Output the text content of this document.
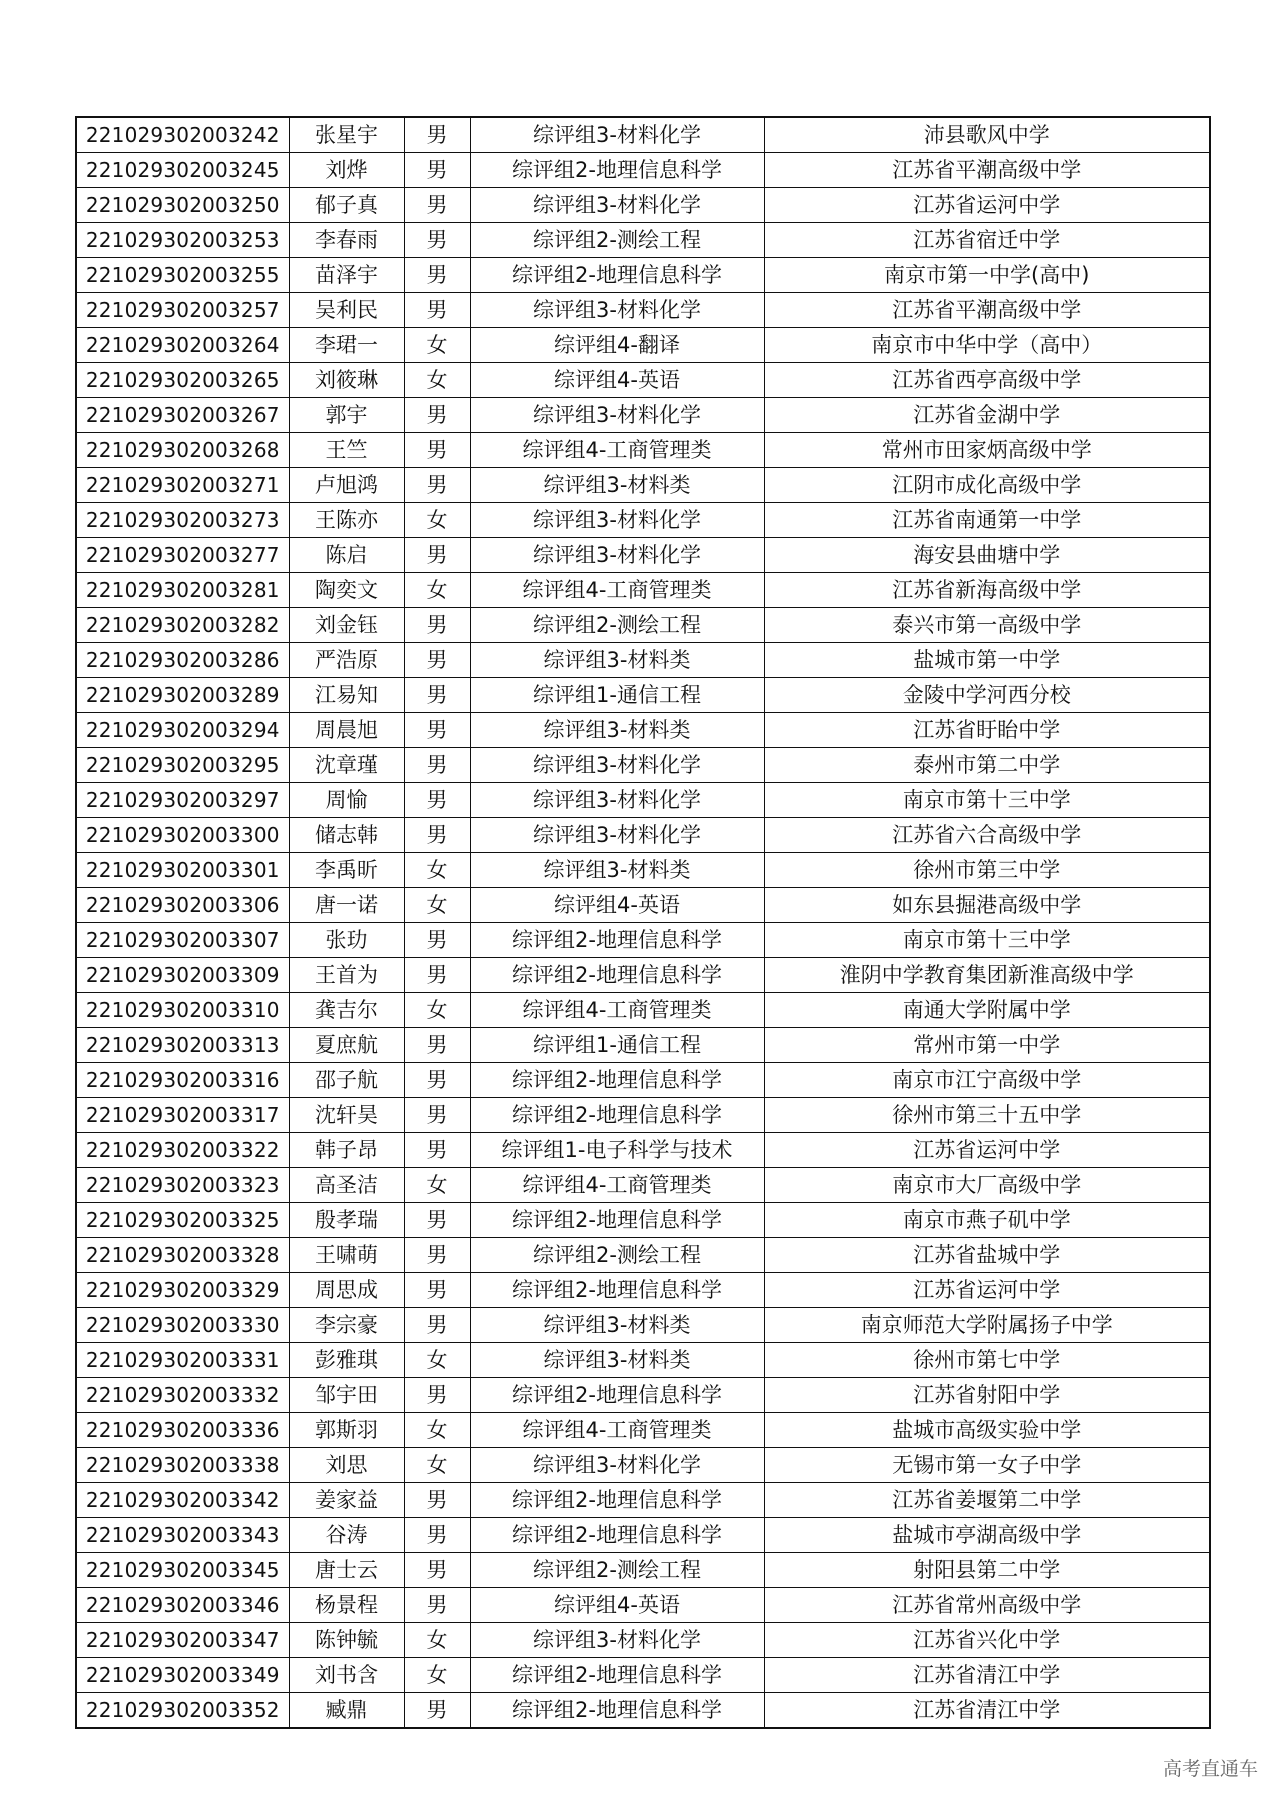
221029302003242	张星宇	男	综评组3-材料化学	沛县歌风中学
221029302003245	刘烨	男	综评组2-地理信息科学	江苏省平潮高级中学
221029302003250	郁子真	男	综评组3-材料化学	江苏省运河中学
221029302003253	李春雨	男	综评组2-测绘工程	江苏省宿迁中学
221029302003255	苗泽宇	男	综评组2-地理信息科学	南京市第一中学(高中)
221029302003257	吴利民	男	综评组3-材料化学	江苏省平潮高级中学
221029302003264	李珺一	女	综评组4-翻译	南京市中华中学（高中）
221029302003265	刘筱琳	女	综评组4-英语	江苏省西亭高级中学
221029302003267	郭宇	男	综评组3-材料化学	江苏省金湖中学
221029302003268	王竺	男	综评组4-工商管理类	常州市田家炳高级中学
221029302003271	卢旭鸿	男	综评组3-材料类	江阴市成化高级中学
221029302003273	王陈亦	女	综评组3-材料化学	江苏省南通第一中学
221029302003277	陈启	男	综评组3-材料化学	海安县曲塘中学
221029302003281	陶奕文	女	综评组4-工商管理类	江苏省新海高级中学
221029302003282	刘金钰	男	综评组2-测绘工程	泰兴市第一高级中学
221029302003286	严浩原	男	综评组3-材料类	盐城市第一中学
221029302003289	江易知	男	综评组1-通信工程	金陵中学河西分校
221029302003294	周晨旭	男	综评组3-材料类	江苏省盱眙中学
221029302003295	沈章瑾	男	综评组3-材料化学	泰州市第二中学
221029302003297	周愉	男	综评组3-材料化学	南京市第十三中学
221029302003300	储志韩	男	综评组3-材料化学	江苏省六合高级中学
221029302003301	李禹昕	女	综评组3-材料类	徐州市第三中学
221029302003306	唐一诺	女	综评组4-英语	如东县掘港高级中学
221029302003307	张玏	男	综评组2-地理信息科学	南京市第十三中学
221029302003309	王首为	男	综评组2-地理信息科学	淮阴中学教育集团新淮高级中学
221029302003310	龚吉尔	女	综评组4-工商管理类	南通大学附属中学
221029302003313	夏庶航	男	综评组1-通信工程	常州市第一中学
221029302003316	邵子航	男	综评组2-地理信息科学	南京市江宁高级中学
221029302003317	沈轩昊	男	综评组2-地理信息科学	徐州市第三十五中学
221029302003322	韩子昂	男	综评组1-电子科学与技术	江苏省运河中学
221029302003323	高圣洁	女	综评组4-工商管理类	南京市大厂高级中学
221029302003325	殷孝瑞	男	综评组2-地理信息科学	南京市燕子矶中学
221029302003328	王啸萌	男	综评组2-测绘工程	江苏省盐城中学
221029302003329	周思成	男	综评组2-地理信息科学	江苏省运河中学
221029302003330	李宗豪	男	综评组3-材料类	南京师范大学附属扬子中学
221029302003331	彭雅琪	女	综评组3-材料类	徐州市第七中学
221029302003332	邹宇田	男	综评组2-地理信息科学	江苏省射阳中学
221029302003336	郭斯羽	女	综评组4-工商管理类	盐城市高级实验中学
221029302003338	刘思	女	综评组3-材料化学	无锡市第一女子中学
221029302003342	姜家益	男	综评组2-地理信息科学	江苏省姜堰第二中学
221029302003343	谷涛	男	综评组2-地理信息科学	盐城市亭湖高级中学
221029302003345	唐士云	男	综评组2-测绘工程	射阳县第二中学
221029302003346	杨景程	男	综评组4-英语	江苏省常州高级中学
221029302003347	陈钟毓	女	综评组3-材料化学	江苏省兴化中学
221029302003349	刘书含	女	综评组2-地理信息科学	江苏省清江中学
221029302003352	臧鼎	男	综评组2-地理信息科学	江苏省清江中学
高考直通车
